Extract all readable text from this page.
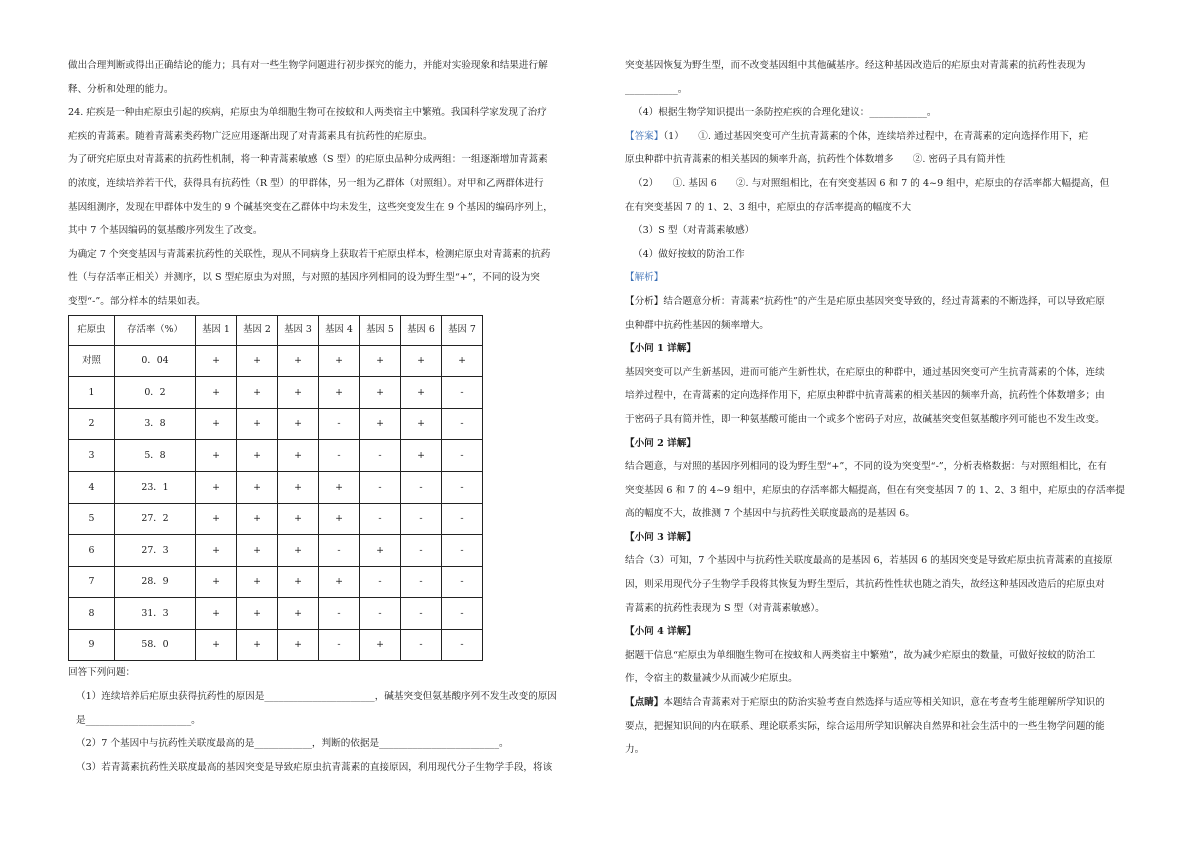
做出合理判断或得出正确结论的能力；具有对一些生物学问题进行初步探究的能力，并能对实验现象和结果进行解
释、分析和处理的能力。
24. 疟疾是一种由疟原虫引起的疾病，疟原虫为单细胞生物可在按蚊和人两类宿主中繁殖。我国科学家发现了治疗
疟疾的青蒿素。随着青蒿素类药物广泛应用逐渐出现了对青蒿素具有抗药性的疟原虫。
为了研究疟原虫对青蒿素的抗药性机制，将一种青蒿素敏感（S 型）的疟原虫品种分成两组：一组逐渐增加青蒿素
的浓度，连续培养若干代，获得具有抗药性（R 型）的甲群体，另一组为乙群体（对照组）。对甲和乙两群体进行
基因组测序，发现在甲群体中发生的 9 个碱基突变在乙群体中均未发生，这些突变发生在 9 个基因的编码序列上，
其中 7 个基因编码的氨基酸序列发生了改变。
为确定 7 个突变基因与青蒿素抗药性的关联性，现从不同病身上获取若干疟原虫样本，检测疟原虫对青蒿素的抗药
性（与存活率正相关）并测序，以 S 型疟原虫为对照，与对照的基因序列相同的设为野生型“+”，不同的设为突
变型“-”。部分样本的结果如表。
疟原虫	存活率（%）	基因 1	基因 2	基因 3	基因 4	基因 5	基因 6	基因 7
对照	0．04	+	+	+	+	+	+	+
1	0．2	+	+	+	+	+	+	-
2	3．8	+	+	+	-	+	+	-
3	5．8	+	+	+	-	-	+	-
4	23．1	+	+	+	+	-	-	-
5	27．2	+	+	+	+	-	-	-
6	27．3	+	+	+	-	+	-	-
7	28．9	+	+	+	+	-	-	-
8	31．3	+	+	+	-	-	-	-
9	58．0	+	+	+	-	+	-	-
回答下列问题：
（1）连续培养后疟原虫获得抗药性的原因是_______________________，碱基突变但氨基酸序列不发生改变的原因
是______________________。
（2）7 个基因中与抗药性关联度最高的是____________，判断的依据是_________________________。
（3）若青蒿素抗药性关联度最高的基因突变是导致疟原虫抗青蒿素的直接原因，利用现代分子生物学手段，将该
突变基因恢复为野生型，而不改变基因组中其他碱基序。经这种基因改造后的疟原虫对青蒿素的抗药性表现为
___________。
（4）根据生物学知识提出一条防控疟疾的合理化建议：____________。
【答案】（1）　　①. 通过基因突变可产生抗青蒿素的个体，连续培养过程中，在青蒿素的定向选择作用下，疟
原虫种群中抗青蒿素的相关基因的频率升高，抗药性个体数增多　　②. 密码子具有简并性
（2）　　①. 基因 6　　②. 与对照组相比，在有突变基因 6 和 7 的 4~9 组中，疟原虫的存活率都大幅提高，但
在有突变基因 7 的 1、2、3 组中，疟原虫的存活率提高的幅度不大
（3）S 型（对青蒿素敏感）
（4）做好按蚊的防治工作
【解析】
【分析】结合题意分析：青蒿素“抗药性”的产生是疟原虫基因突变导致的，经过青蒿素的不断选择，可以导致疟原
虫种群中抗药性基因的频率增大。
【小问 1 详解】
基因突变可以产生新基因，进而可能产生新性状，在疟原虫的种群中，通过基因突变可产生抗青蒿素的个体，连续
培养过程中，在青蒿素的定向选择作用下，疟原虫种群中抗青蒿素的相关基因的频率升高，抗药性个体数增多；由
于密码子具有简并性，即一种氨基酸可能由一个或多个密码子对应，故碱基突变但氨基酸序列可能也不发生改变。
【小问 2 详解】
结合题意，与对照的基因序列相同的设为野生型“+”，不同的设为突变型“-”，分析表格数据：与对照组相比，在有
突变基因 6 和 7 的 4~9 组中，疟原虫的存活率都大幅提高，但在有突变基因 7 的 1、2、3 组中，疟原虫的存活率提
高的幅度不大，故推测 7 个基因中与抗药性关联度最高的是基因 6。
【小问 3 详解】
结合（3）可知，7 个基因中与抗药性关联度最高的是基因 6，若基因 6 的基因突变是导致疟原虫抗青蒿素的直接原
因，则采用现代分子生物学手段将其恢复为野生型后，其抗药性性状也随之消失，故经这种基因改造后的疟原虫对
青蒿素的抗药性表现为 S 型（对青蒿素敏感）。
【小问 4 详解】
据题干信息“疟原虫为单细胞生物可在按蚊和人两类宿主中繁殖”，故为减少疟原虫的数量，可做好按蚊的防治工
作，令宿主的数量减少从而减少疟原虫。
【点睛】本题结合青蒿素对于疟原虫的防治实验考查自然选择与适应等相关知识，意在考查考生能理解所学知识的
要点，把握知识间的内在联系、理论联系实际，综合运用所学知识解决自然界和社会生活中的一些生物学问题的能
力。
